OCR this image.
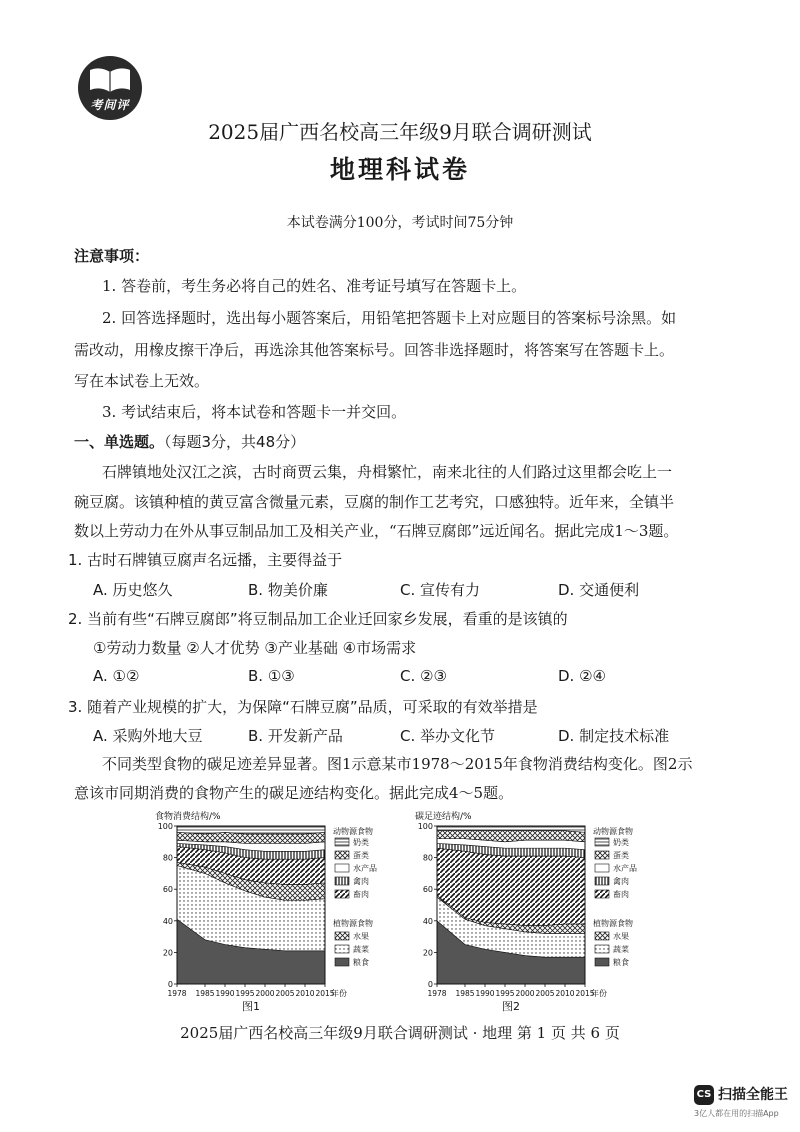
考间评
2025届广西名校高三年级9月联合调研测试
地理科试卷
本试卷满分100分，考试时间75分钟
注意事项：
1. 答卷前，考生务必将自己的姓名、准考证号填写在答题卡上。
2. 回答选择题时，选出每小题答案后，用铅笔把答题卡上对应题目的答案标号涂黑。如
需改动，用橡皮擦干净后，再选涂其他答案标号。回答非选择题时，将答案写在答题卡上。
写在本试卷上无效。
3. 考试结束后，将本试卷和答题卡一并交回。
一、单选题。（每题3分，共48分）
石牌镇地处汉江之滨，古时商贾云集，舟楫繁忙，南来北往的人们路过这里都会吃上一
碗豆腐。该镇种植的黄豆富含微量元素，豆腐的制作工艺考究，口感独特。近年来，全镇半
数以上劳动力在外从事豆制品加工及相关产业，“石牌豆腐郎”远近闻名。据此完成1～3题。
1. 古时石牌镇豆腐声名远播，主要得益于
A. 历史悠久	B. 物美价廉	C. 宣传有力	D. 交通便利
2. 当前有些“石牌豆腐郎”将豆制品加工企业迁回家乡发展，看重的是该镇的
①劳动力数量 ②人才优势 ③产业基础 ④市场需求
A. ①②	B. ①③	C. ②③	D. ②④
3. 随着产业规模的扩大，为保障“石牌豆腐”品质，可采取的有效举措是
A. 采购外地大豆	B. 开发新产品	C. 举办文化节	D. 制定技术标准
不同类型食物的碳足迹差异显著。图1示意某市1978～2015年食物消费结构变化。图2示
意该市同期消费的食物产生的碳足迹结构变化。据此完成4～5题。
食物消费结构/%
0
20
40
60
80
100
1978 1985 1990 1995 2000 2005 2010 2015
年份
图1
动物源食物
奶类
蛋类
水产品
禽肉
畜肉
植物源食物
水果
蔬菜
粮食
碳足迹结构/%
0
20
40
60
80
100
1978 1985 1990 1995 2000 2005 2010 2015
年份
图2
动物源食物
奶类
蛋类
水产品
禽肉
畜肉
植物源食物
水果
蔬菜
粮食
2025届广西名校高三年级9月联合调研测试 · 地理 第 1 页 共 6 页
CS 扫描全能王
3亿人都在用的扫描App
